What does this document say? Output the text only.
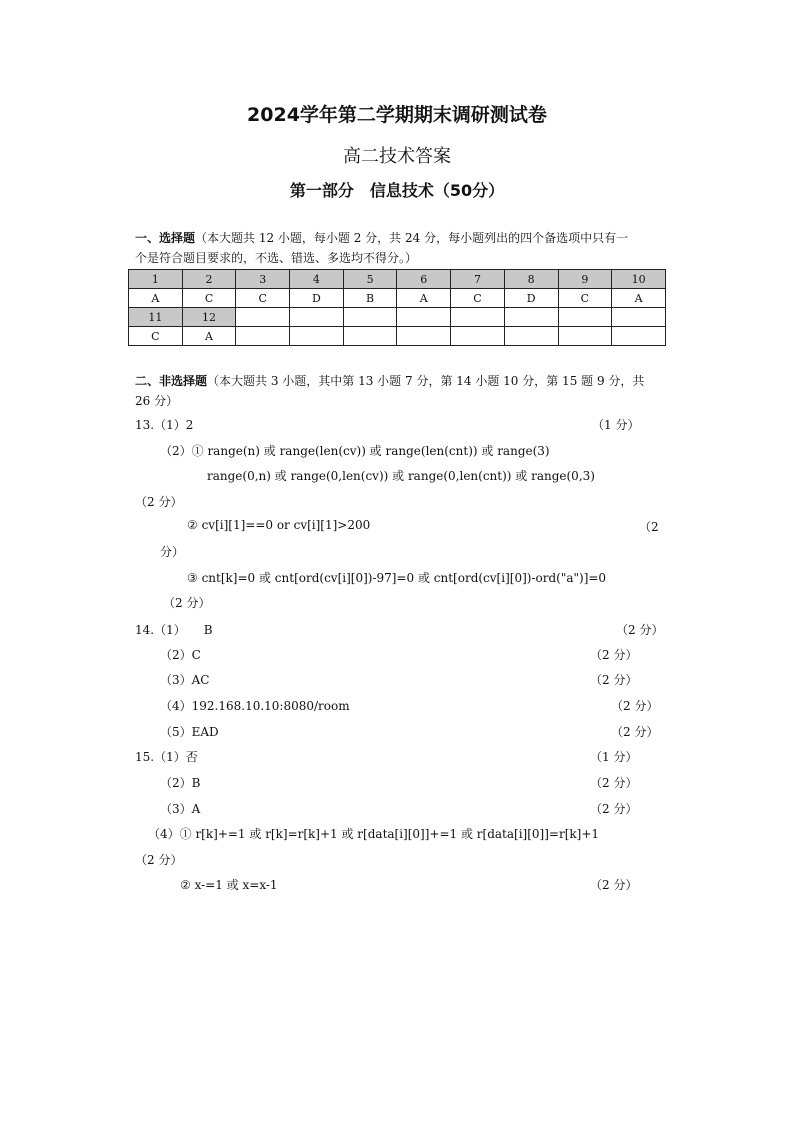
2024学年第二学期期末调研测试卷
高二技术答案
第一部分　信息技术（50分）
一、选择题（本大题共 12 小题，每小题 2 分，共 24 分，每小题列出的四个备选项中只有一
个是符合题目要求的，不选、错选、多选均不得分。）
1	2	3	4	5	6	7	8	9	10
A	C	C	D	B	A	C	D	C	A
11	12								
C	A								
二、非选择题（本大题共 3 小题，其中第 13 小题 7 分，第 14 小题 10 分，第 15 题 9 分，共
26 分）
13.（1）2	（1 分）
（2）① range(n) 或 range(len(cv)) 或 range(len(cnt)) 或 range(3)
range(0,n) 或 range(0,len(cv)) 或 range(0,len(cnt)) 或 range(0,3)
（2 分）
② cv[i][1]==0 or cv[i][1]>200	（2
分）
③ cnt[k]=0 或 cnt[ord(cv[i][0])-97]=0 或 cnt[ord(cv[i][0])-ord("a")]=0
（2 分）
14.（1）　　B	（2 分）
（2）C	（2 分）
（3）AC	（2 分）
（4）192.168.10.10:8080/room	（2 分）
（5）EAD	（2 分）
15.（1）否	（1 分）
（2）B	（2 分）
（3）A	（2 分）
（4）① r[k]+=1 或 r[k]=r[k]+1 或 r[data[i][0]]+=1 或 r[data[i][0]]=r[k]+1
（2 分）
② x-=1 或 x=x-1	（2 分）
